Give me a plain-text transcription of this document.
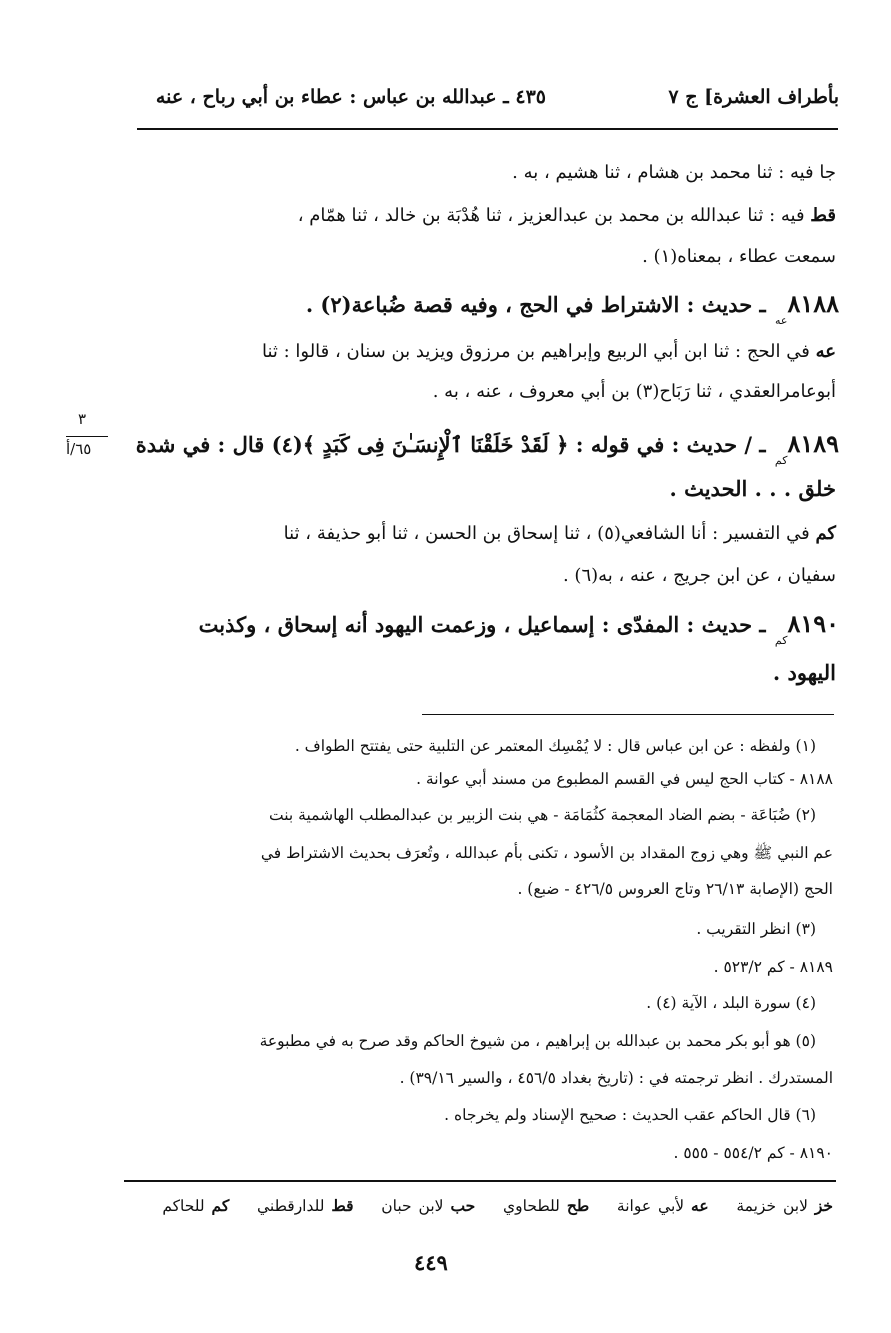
بأطراف العشرة] ج ٧
٤٣٥ ـ عبدالله بن عباس : عطاء بن أبي رباح ، عنه
جا فيه : ثنا محمد بن هشام ، ثنا هشيم ، به .
قط فيه : ثنا عبدالله بن محمد بن عبدالعزيز ، ثنا هُدْبَة بن خالد ، ثنا همّام ،
سمعت عطاء ، بمعناه(١) .
$٨١٨٨_{عه}$ ـ حديث : الاشتراط في الحج ، وفيه قصة ضُباعة(٢) .
عه في الحج : ثنا ابن أبي الربيع وإبراهيم بن مرزوق ويزيد بن سنان ، قالوا : ثنا
أبوعامرالعقدي ، ثنا رَبَاح(٣) بن أبي معروف ، عنه ، به .
٣
٦٥/أ	$٨١٨٩_{كم}$ ـ / حديث : في قوله : ﴿ لَقَدْ خَلَقْنَا ٱلْإِنسَـٰنَ فِى كَبَدٍ ﴾(٤) قال : في شدة
خلق . . . الحديث .
كم في التفسير : أنا الشافعي(٥) ، ثنا إسحاق بن الحسن ، ثنا أبو حذيفة ، ثنا
سفيان ، عن ابن جريج ، عنه ، به(٦) .
$٨١٩٠_{كم}$ ـ حديث : المفدّى : إسماعيل ، وزعمت اليهود أنه إسحاق ، وكذبت
اليهود .
(١) ولفظه : عن ابن عباس قال : لا يُمْسِك المعتمر عن التلبية حتى يفتتح الطواف .
٨١٨٨ - كتاب الحج ليس في القسم المطبوع من مسند أبي عوانة .
(٢) ضُبَاعَة - بضم الضاد المعجمة كثُمَامَة - هي بنت الزبير بن عبدالمطلب الهاشمية بنت
عم النبي ﷺ وهي زوج المقداد بن الأسود ، تكنى بأم عبدالله ، وتُعرَف بحديث الاشتراط في
الحج (الإصابة ٢٦/١٣ وتاج العروس ٤٢٦/٥ - ضبع) .
(٣) انظر التقريب .
٨١٨٩ - كم ٥٢٣/٢ .
(٤) سورة البلد ، الآية (٤) .
(٥) هو أبو بكر محمد بن عبدالله بن إبراهيم ، من شيوخ الحاكم وقد صرح به في مطبوعة
المستدرك . انظر ترجمته في : (تاريخ بغداد ٤٥٦/٥ ، والسير ٣٩/١٦) .
(٦) قال الحاكم عقب الحديث : صحيح الإسناد ولم يخرجاه .
٨١٩٠ - كم ٥٥٤/٢ - ٥٥٥ .
خز لابن خزيمة    عه لأبي عوانة    طح للطحاوي    حب لابن حبان    قط للدارقطني    كم للحاكم
٤٤٩
